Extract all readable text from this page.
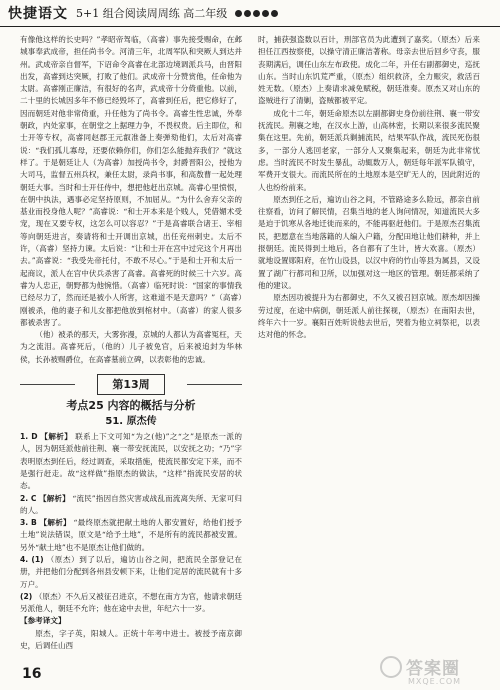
快捷语文 5+1 组合阅读周周练 高二年级

有像他这样的长史吗？”孝昭帝驾临，（高睿）事先接受赐命，在邺城事奉武成帝，担任尚书令。河清三年，北周军队和突厥人到达并州。武成帝亲自督军，下诏命令高睿在北部边境调派兵马，由晋阳出发，高睿到达突厥，打败了他们。武成帝十分赞赏他，任命他为太尉。高睿刚正廉洁，有很好的名声，武成帝十分倚重他。以前，二十里的长城因多年不修已经毁坏了，高睿到任后，把它修好了，因而朝廷对他非常倚重，升任他为了尚书令。高睿生性忠诚，外奉朝政，内处家事，在朝堂之上据理力争，不畏权贵。后主即位，和士开等专权，高睿同赵郡王元叡准备上奏弹劾他们，太后对高睿说：“我们孤儿寡母，还要依赖你们，你们怎么能抛弃我们？”就这样了。于是朝廷让人（为高睿）加授尚书令，封爵晋阳公，授他为大司马，监督五州兵权，兼任太尉，录尚书事，和高敖曹一起处理朝廷大事。当时和士开任侍中，想把他赶出京城。高睿心里愤恨，在朝中执法，遇事必定坚持原则，不加屈从。“为什么舍弃父亲的基业而投身他人呢？”高睿说：“和士开本来是个贱人，凭借媚术受宠，现在又要专权，这怎么可以容忍？”于是高睿联合诸王、宰相等向朝廷进言，奏请将和士开调出京城，出任兖州刺史。太后不许，（高睿）坚持力谏。太后说：“让和士开在宫中过完这个月再出去。”高睿说：“我受先帝托付，不敢不尽心。”于是和士开和太后一起商议，派人在宫中伏兵杀害了高睿。高睿死的时候三十六岁。高睿为人忠正，朝野都为他惋惜。（高睿）临死时说：“国家的事情我已经尽力了，然而还是被小人所害，这难道不是天意吗？”（高睿）刚被杀，他的妻子和儿女都把他放到棺材中。（高睿）的家人很多都被杀害了。

（他）被杀的那天，大雾弥漫，京城的人都认为高睿冤枉，天为之流泪。高睿死后，（他的）儿子被免官，后来被追封为华林侯，长孙被赐爵位，在高睿墓前立碑，以表彰他的忠诚。

第13周
考点25 内容的概括与分析
51. 原杰传

1. D 【解析】 联系上下文可知“为之(他)”之“之”是原杰一派的人，因为朝廷派他前往荆、襄一带安抚流民，以安抚之功；“乃”字表明原杰到任后，经过调查，采取措施，使流民都安定下来，而不是强行赶走。故“这样做”指原杰的做法，“这样”指流民安居的状态。

2. C 【解析】 “流民”指因自然灾害或战乱而流离失所、无家可归的人。

3. B 【解析】 “最终原杰就把献土地的人都安置好，给他们授予土地”说法错误，原文是“给予土地”，不是所有的流民都被安置。另外“献土地”也不是原杰让他们做的。

4. (1) （原杰）到了以后，遍访山谷之间，把流民全部登记在册，并把他们分配到各州县安顿下来，让他们定居的流民就有十多万户。

(2) （原杰）不久后又被征召进京，不想在南方为官，他请求朝廷另派他人，朝廷不允许；他在途中去世，年纪六十一岁。

【参考译文】

原杰，字子英，阳城人。正统十年考中进士。被授予南京御史，后调任山西

时，捕获强盗数以百计，刑部官员为此遭到了嘉奖。（原杰）后来担任江西按察使，以操守清正廉洁著称。母亲去世后回乡守丧，服丧期满后，调任山东左布政使。成化二年，升任右副都御史，巡抚山东。当时山东饥荒严重，（原杰）组织救济，全力赈灾，救活百姓无数。（原杰）上奏请求减免赋税，朝廷准奏。原杰又对山东的盗贼进行了清剿，盗贼都被平定。

成化十二年，朝廷命原杰以左副都御史身份前往荆、襄一带安抚流民。荆襄之地，在汉水上游，山高林密，长期以来很多流民聚集在这里。先前，朝廷派兵剿捕流民，结果军队作战，流民死伤很多，一部分人逃回老家，一部分人又聚集起来，朝廷为此非常忧虑。当时流民不时发生暴乱，动辄数万人，朝廷每年派军队镇守，军费开支很大。而流民所在的土地原本是空旷无人的，因此附近的人也纷纷前来。

原杰到任之后，遍访山谷之间，不管路途多么险远，都亲自前往察看，访问了解民情，召集当地的老人询问情况，知道流民大多是迫于饥寒从各地迁徙而来的，不能再驱赶他们。于是原杰召集流民，把愿意在当地落籍的人编入户籍，分配田地让他们耕种，并上报朝廷。流民得到土地后，各自都有了生计，皆大欢喜。（原杰）就地设置郧阳府，在竹山设县，以汉中府的竹山等县为属县，又设置了湖广行都司和卫所，以加强对这一地区的管理。朝廷都采纳了他的建议。

原杰因功被提升为右都御史，不久又被召回京城。原杰却因操劳过度，在途中病倒，朝廷派人前往探视，（原杰）在南阳去世，终年六十一岁。襄阳百姓听说他去世后，哭着为他立祠祭祀，以表达对他的怀念。

16	答案圈
MXQE.COM
